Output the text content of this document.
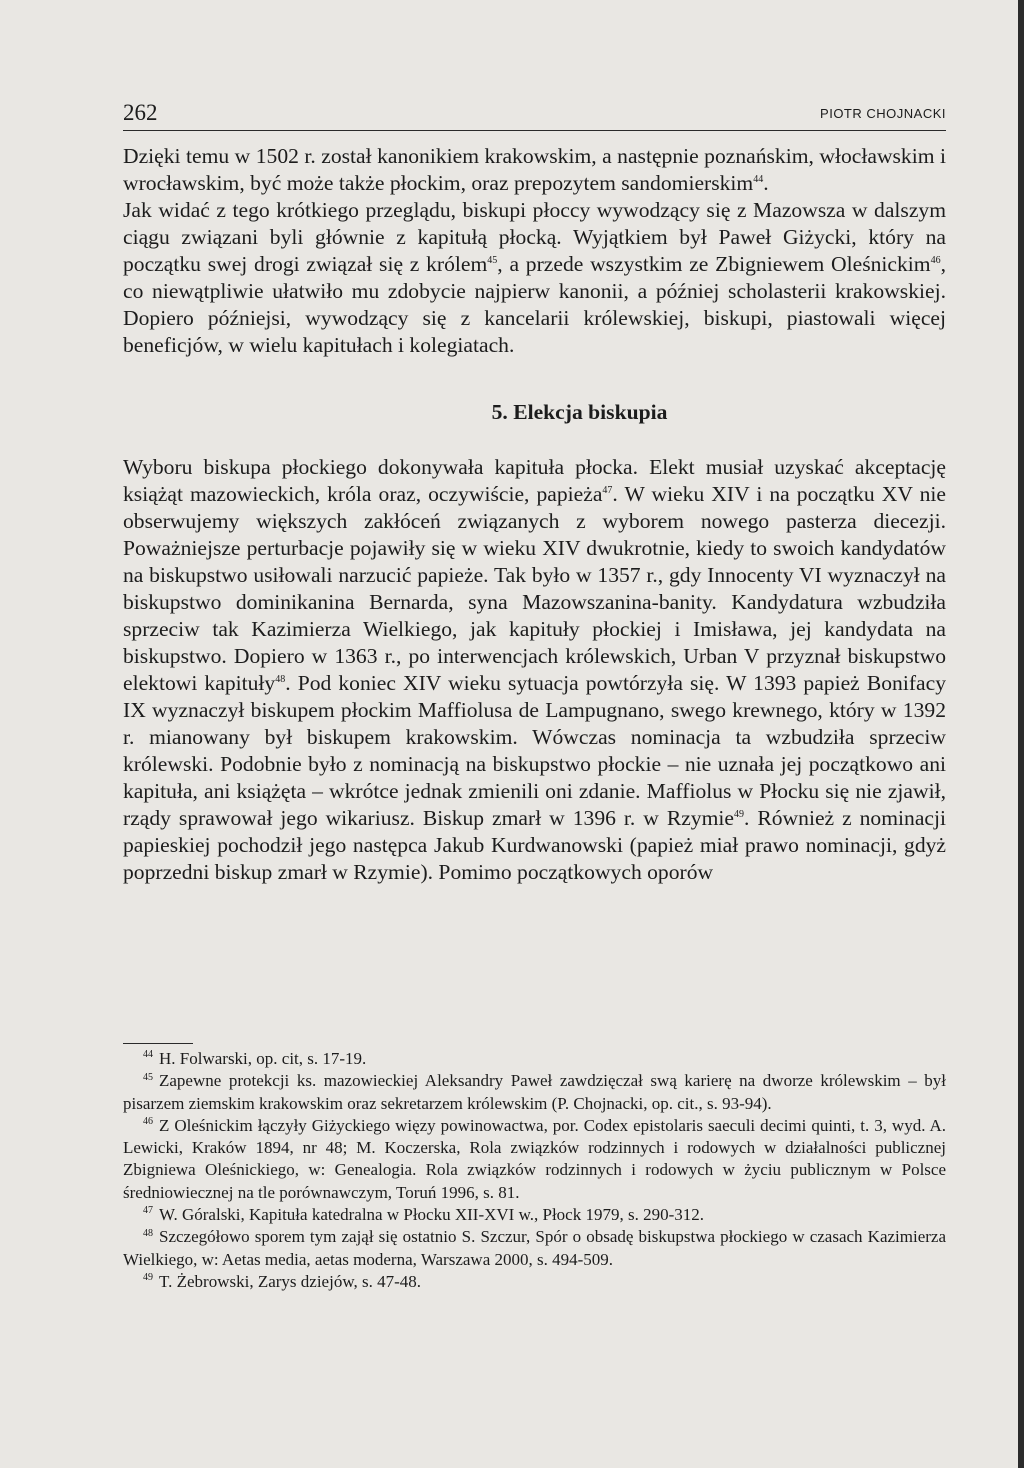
262	PIOTR CHOJNACKI

Dzięki temu w 1502 r. został kanonikiem krakowskim, a następnie poznańskim, włocławskim i wrocławskim, być może także płockim, oraz prepozytem sandomierskim$^{44}$.

Jak widać z tego krótkiego przeglądu, biskupi płoccy wywodzący się z Mazowsza w dalszym ciągu związani byli głównie z kapitułą płocką. Wyjątkiem był Paweł Giżycki, który na początku swej drogi związał się z królem$^{45}$, a przede wszystkim ze Zbigniewem Oleśnickim$^{46}$, co niewątpliwie ułatwiło mu zdobycie najpierw kanonii, a później scholasterii krakowskiej. Dopiero późniejsi, wywodzący się z kancelarii królewskiej, biskupi, piastowali więcej beneficjów, w wielu kapitułach i kolegiatach.

5. Elekcja biskupia

Wyboru biskupa płockiego dokonywała kapituła płocka. Elekt musiał uzyskać akceptację książąt mazowieckich, króla oraz, oczywiście, papieża$^{47}$. W wieku XIV i na początku XV nie obserwujemy większych zakłóceń związanych z wyborem nowego pasterza diecezji. Poważniejsze perturbacje pojawiły się w wieku XIV dwukrotnie, kiedy to swoich kandydatów na biskupstwo usiłowali narzucić papieże. Tak było w 1357 r., gdy Innocenty VI wyznaczył na biskupstwo dominikanina Bernarda, syna Mazowszanina-banity. Kandydatura wzbudziła sprzeciw tak Kazimierza Wielkiego, jak kapituły płockiej i Imisława, jej kandydata na biskupstwo. Dopiero w 1363 r., po interwencjach królewskich, Urban V przyznał biskupstwo elektowi kapituły$^{48}$. Pod koniec XIV wieku sytuacja powtórzyła się. W 1393 papież Bonifacy IX wyznaczył biskupem płockim Maffiolusa de Lampugnano, swego krewnego, który w 1392 r. mianowany był biskupem krakowskim. Wówczas nominacja ta wzbudziła sprzeciw królewski. Podobnie było z nominacją na biskupstwo płockie – nie uznała jej początkowo ani kapituła, ani książęta – wkrótce jednak zmienili oni zdanie. Maffiolus w Płocku się nie zjawił, rządy sprawował jego wikariusz. Biskup zmarł w 1396 r. w Rzymie$^{49}$. Również z nominacji papieskiej pochodził jego następca Jakub Kurdwanowski (papież miał prawo nominacji, gdyż poprzedni biskup zmarł w Rzymie). Pomimo początkowych oporów

$^{44}$ H. Folwarski, op. cit, s. 17-19.

$^{45}$ Zapewne protekcji ks. mazowieckiej Aleksandry Paweł zawdzięczał swą karierę na dworze królewskim – był pisarzem ziemskim krakowskim oraz sekretarzem królewskim (P. Chojnacki, op. cit., s. 93-94).

$^{46}$ Z Oleśnickim łączyły Giżyckiego więzy powinowactwa, por. Codex epistolaris saeculi decimi quinti, t. 3, wyd. A. Lewicki, Kraków 1894, nr 48; M. Koczerska, Rola związków rodzinnych i rodowych w działalności publicznej Zbigniewa Oleśnickiego, w: Genealogia. Rola związków rodzinnych i rodowych w życiu publicznym w Polsce średniowiecznej na tle porównawczym, Toruń 1996, s. 81.

$^{47}$ W. Góralski, Kapituła katedralna w Płocku XII-XVI w., Płock 1979, s. 290-312.

$^{48}$ Szczegółowo sporem tym zajął się ostatnio S. Szczur, Spór o obsadę biskupstwa płockiego w czasach Kazimierza Wielkiego, w: Aetas media, aetas moderna, Warszawa 2000, s. 494-509.

$^{49}$ T. Żebrowski, Zarys dziejów, s. 47-48.
